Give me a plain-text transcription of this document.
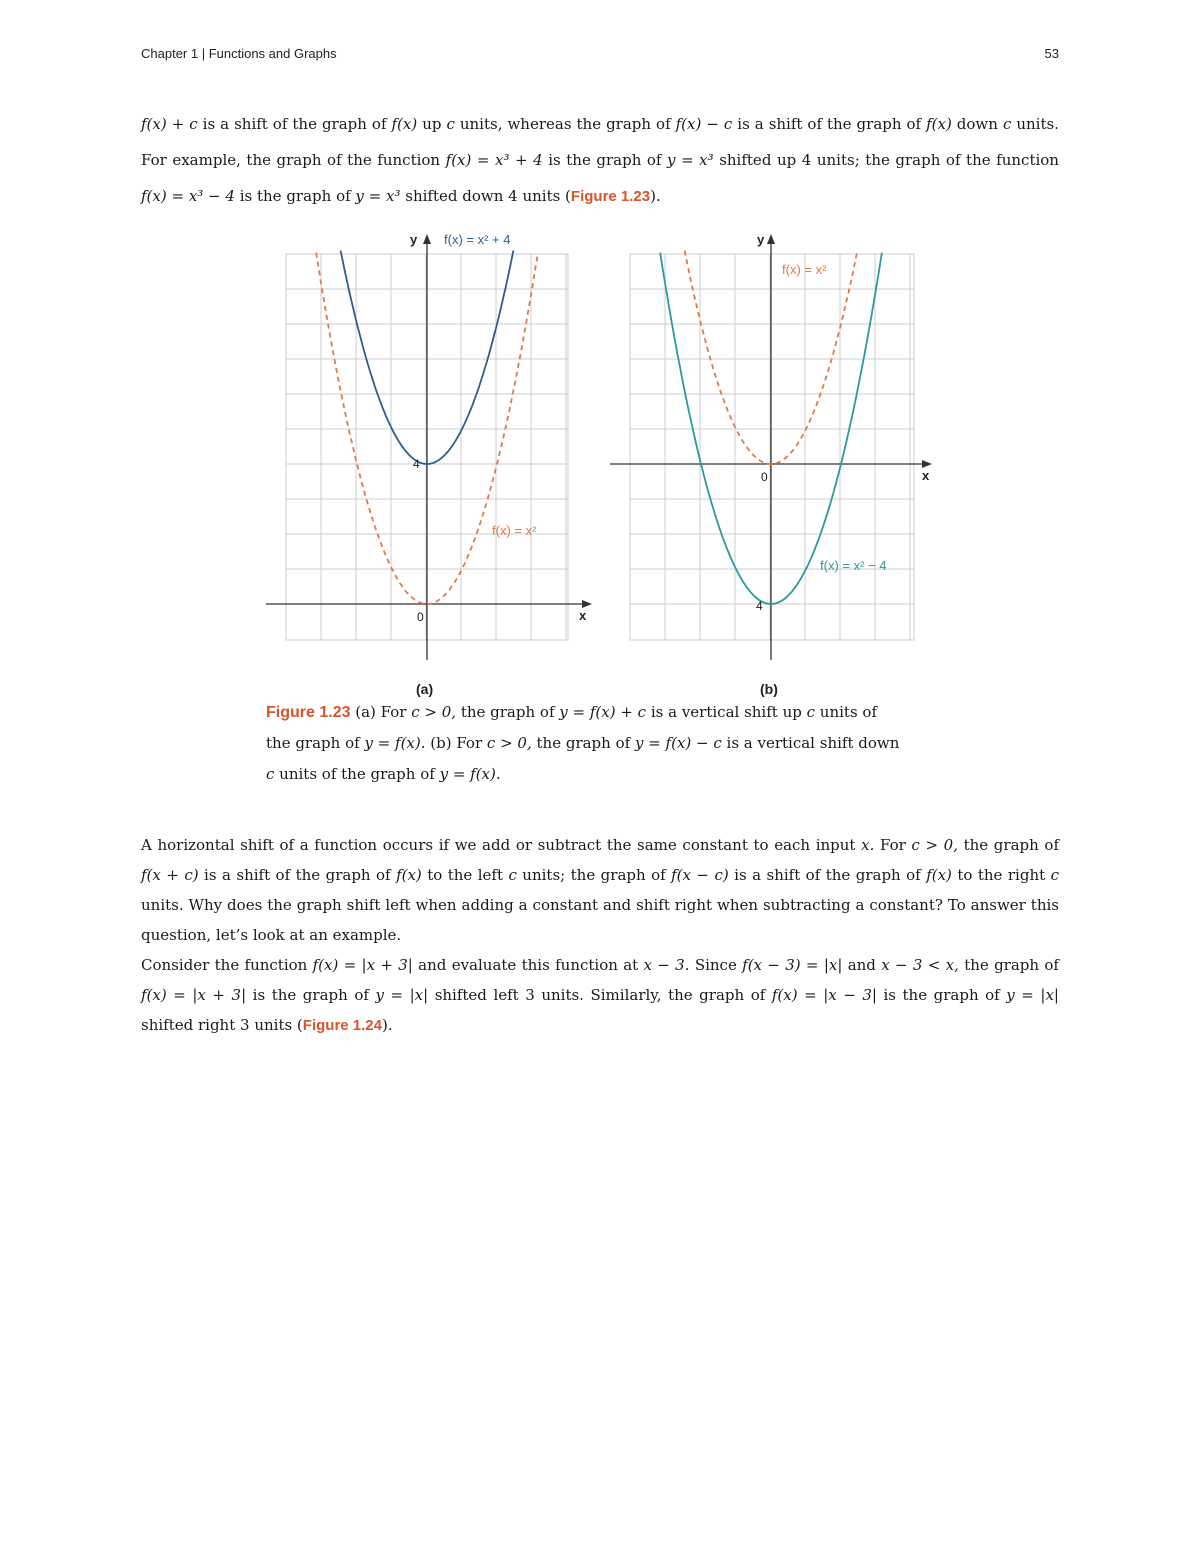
Chapter 1 | Functions and Graphs	53
f(x) + c is a shift of the graph of f(x) up c units, whereas the graph of f(x) − c is a shift of the graph of f(x) down c units. For example, the graph of the function f(x) = x³ + 4 is the graph of y = x³ shifted up 4 units; the graph of the function f(x) = x³ − 4 is the graph of y = x³ shifted down 4 units (Figure 1.23).
y
x
0
4
f(x) = x² + 4
f(x) = x²
(a)
y
x
0
4
f(x) = x²
f(x) = x² − 4
(b)
Figure 1.23 (a) For c > 0, the graph of y = f(x) + c is a vertical shift up c units of
the graph of y = f(x). (b) For c > 0, the graph of y = f(x) − c is a vertical shift down
c units of the graph of y = f(x).
A horizontal shift of a function occurs if we add or subtract the same constant to each input x. For c > 0, the graph of f(x + c) is a shift of the graph of f(x) to the left c units; the graph of f(x − c) is a shift of the graph of f(x) to the right c units. Why does the graph shift left when adding a constant and shift right when subtracting a constant? To answer this question, let’s look at an example.
Consider the function f(x) = |x + 3| and evaluate this function at x − 3. Since f(x − 3) = |x| and x − 3 < x, the graph of f(x) = |x + 3| is the graph of y = |x| shifted left 3 units. Similarly, the graph of f(x) = |x − 3| is the graph of y = |x| shifted right 3 units (Figure 1.24).
